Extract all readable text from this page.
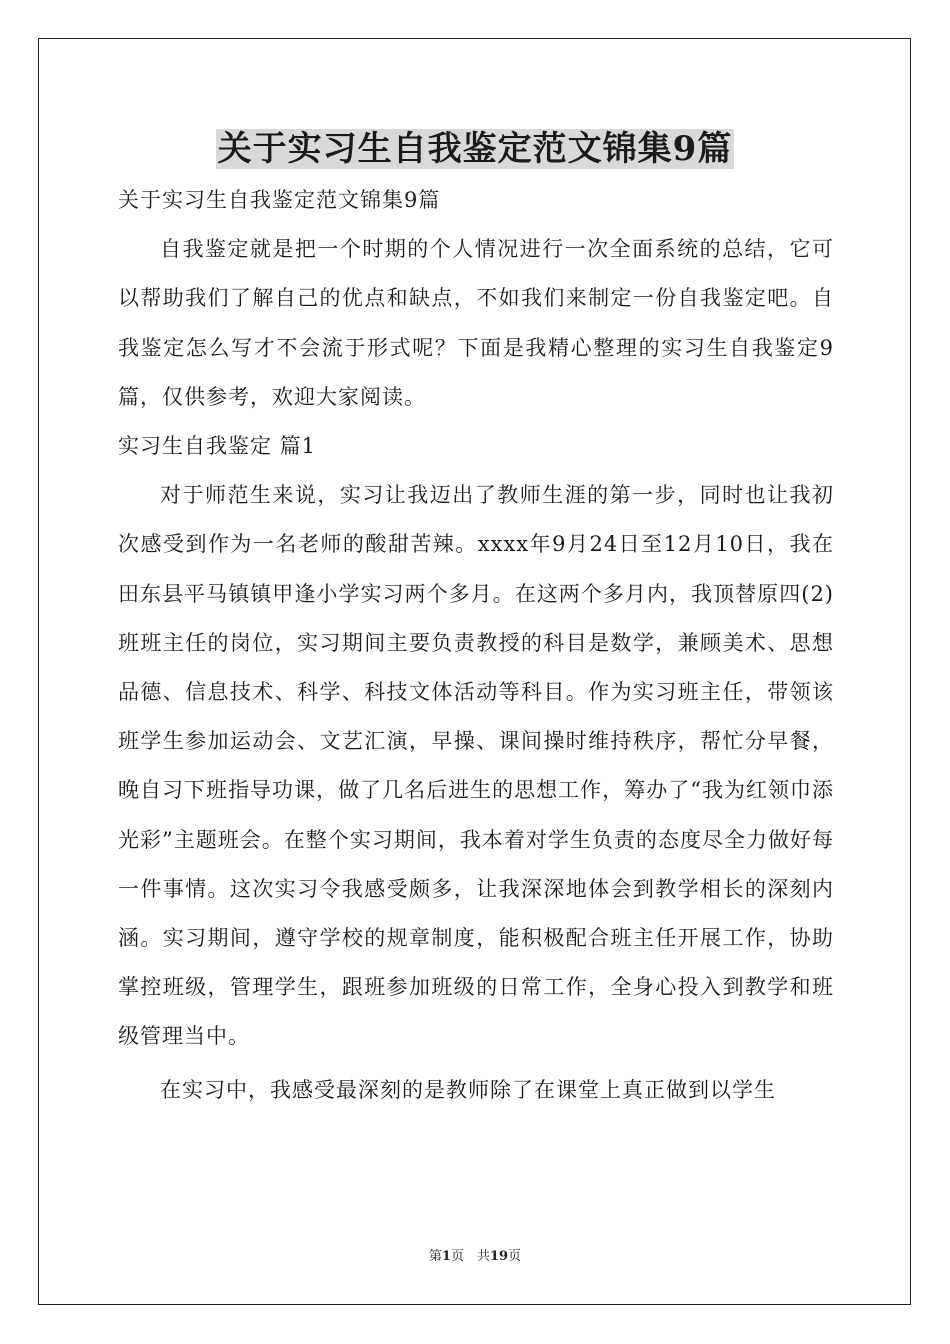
关于实习生自我鉴定范文锦集9篇

关于实习生自我鉴定范文锦集9篇

自我鉴定就是把一个时期的个人情况进行一次全面系统的总结，它可以帮助我们了解自己的优点和缺点，不如我们来制定一份自我鉴定吧。自我鉴定怎么写才不会流于形式呢？下面是我精心整理的实习生自我鉴定9篇，仅供参考，欢迎大家阅读。

实习生自我鉴定 篇1

对于师范生来说，实习让我迈出了教师生涯的第一步，同时也让我初次感受到作为一名老师的酸甜苦辣。xxxx年9月24日至12月10日，我在田东县平马镇镇甲逢小学实习两个多月。在这两个多月内，我顶替原四(2)班班主任的岗位，实习期间主要负责教授的科目是数学，兼顾美术、思想品德、信息技术、科学、科技文体活动等科目。作为实习班主任，带领该班学生参加运动会、文艺汇演，早操、课间操时维持秩序，帮忙分早餐，晚自习下班指导功课，做了几名后进生的思想工作，筹办了“我为红领巾添光彩”主题班会。在整个实习期间，我本着对学生负责的态度尽全力做好每一件事情。这次实习令我感受颇多，让我深深地体会到教学相长的深刻内涵。实习期间，遵守学校的规章制度，能积极配合班主任开展工作，协助掌控班级，管理学生，跟班参加班级的日常工作，全身心投入到教学和班级管理当中。

在实习中，我感受最深刻的是教师除了在课堂上真正做到以学生

第1页　共19页
